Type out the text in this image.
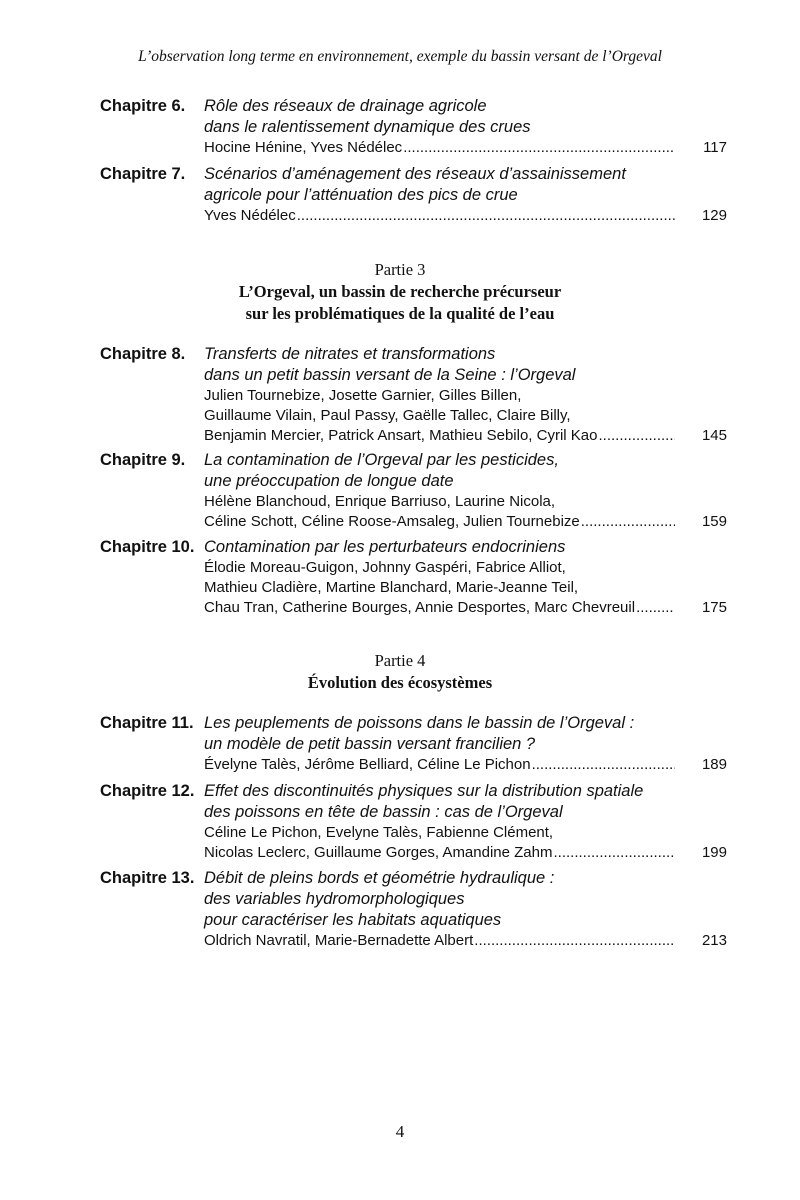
L’observation long terme en environnement, exemple du bassin versant de l’Orgeval
Chapitre 6. Rôle des réseaux de drainage agricole
dans le ralentissement dynamique des crues
Hocine Hénine, Yves Nédélec .....	117
Chapitre 7. Scénarios d’aménagement des réseaux d’assainissement
agricole pour l’atténuation des pics de crue
Yves Nédélec .....	129
Partie 3
L’Orgeval, un bassin de recherche précurseur
sur les problématiques de la qualité de l’eau
Chapitre 8. Transferts de nitrates et transformations
dans un petit bassin versant de la Seine : l’Orgeval
Julien Tournebize, Josette Garnier, Gilles Billen,
Guillaume Vilain, Paul Passy, Gaëlle Tallec, Claire Billy,
Benjamin Mercier, Patrick Ansart, Mathieu Sebilo, Cyril Kao .....	145
Chapitre 9. La contamination de l’Orgeval par les pesticides,
une préoccupation de longue date
Hélène Blanchoud, Enrique Barriuso, Laurine Nicola,
Céline Schott, Céline Roose-Amsaleg, Julien Tournebize .....	159
Chapitre 10. Contamination par les perturbateurs endocriniens
Élodie Moreau-Guigon, Johnny Gaspéri, Fabrice Alliot,
Mathieu Cladière, Martine Blanchard, Marie-Jeanne Teil,
Chau Tran, Catherine Bourges, Annie Desportes, Marc Chevreuil .....	175
Partie 4
Évolution des écosystèmes
Chapitre 11. Les peuplements de poissons dans le bassin de l’Orgeval :
un modèle de petit bassin versant francilien ?
Évelyne Talès, Jérôme Belliard, Céline Le Pichon .....	189
Chapitre 12. Effet des discontinuités physiques sur la distribution spatiale
des poissons en tête de bassin : cas de l’Orgeval
Céline Le Pichon, Evelyne Talès, Fabienne Clément,
Nicolas Leclerc, Guillaume Gorges, Amandine Zahm .....	199
Chapitre 13. Débit de pleins bords et géométrie hydraulique :
des variables hydromorphologiques
pour caractériser les habitats aquatiques
Oldrich Navratil, Marie-Bernadette Albert .....	213
4
